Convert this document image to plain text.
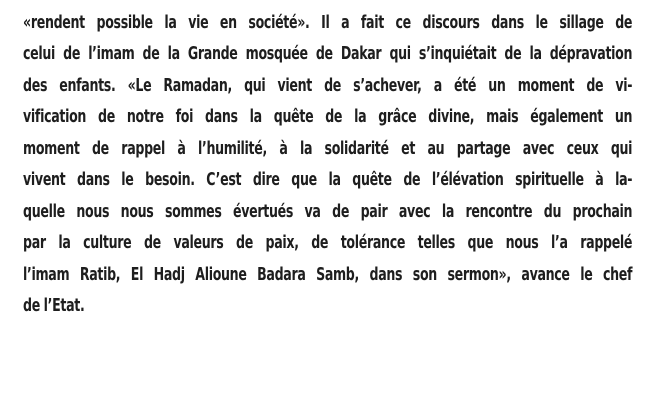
«rendent possible la vie en société». Il a fait ce discours dans le sillage de
celui de l’imam de la Grande mosquée de Dakar qui s’inquiétait de la dépravation
des enfants. «Le Ramadan, qui vient de s’achever, a été un moment de vi-
vification de notre foi dans la quête de la grâce divine, mais également un
moment de rappel à l’humilité, à la solidarité et au partage avec ceux qui
vivent dans le besoin. C’est dire que la quête de l’élévation spirituelle à la-
quelle nous nous sommes évertués va de pair avec la rencontre du prochain
par la culture de valeurs de paix, de tolérance telles que nous l’a rappelé
l’imam Ratib, El Hadj Alioune Badara Samb, dans son sermon», avance le chef
de l’Etat.
